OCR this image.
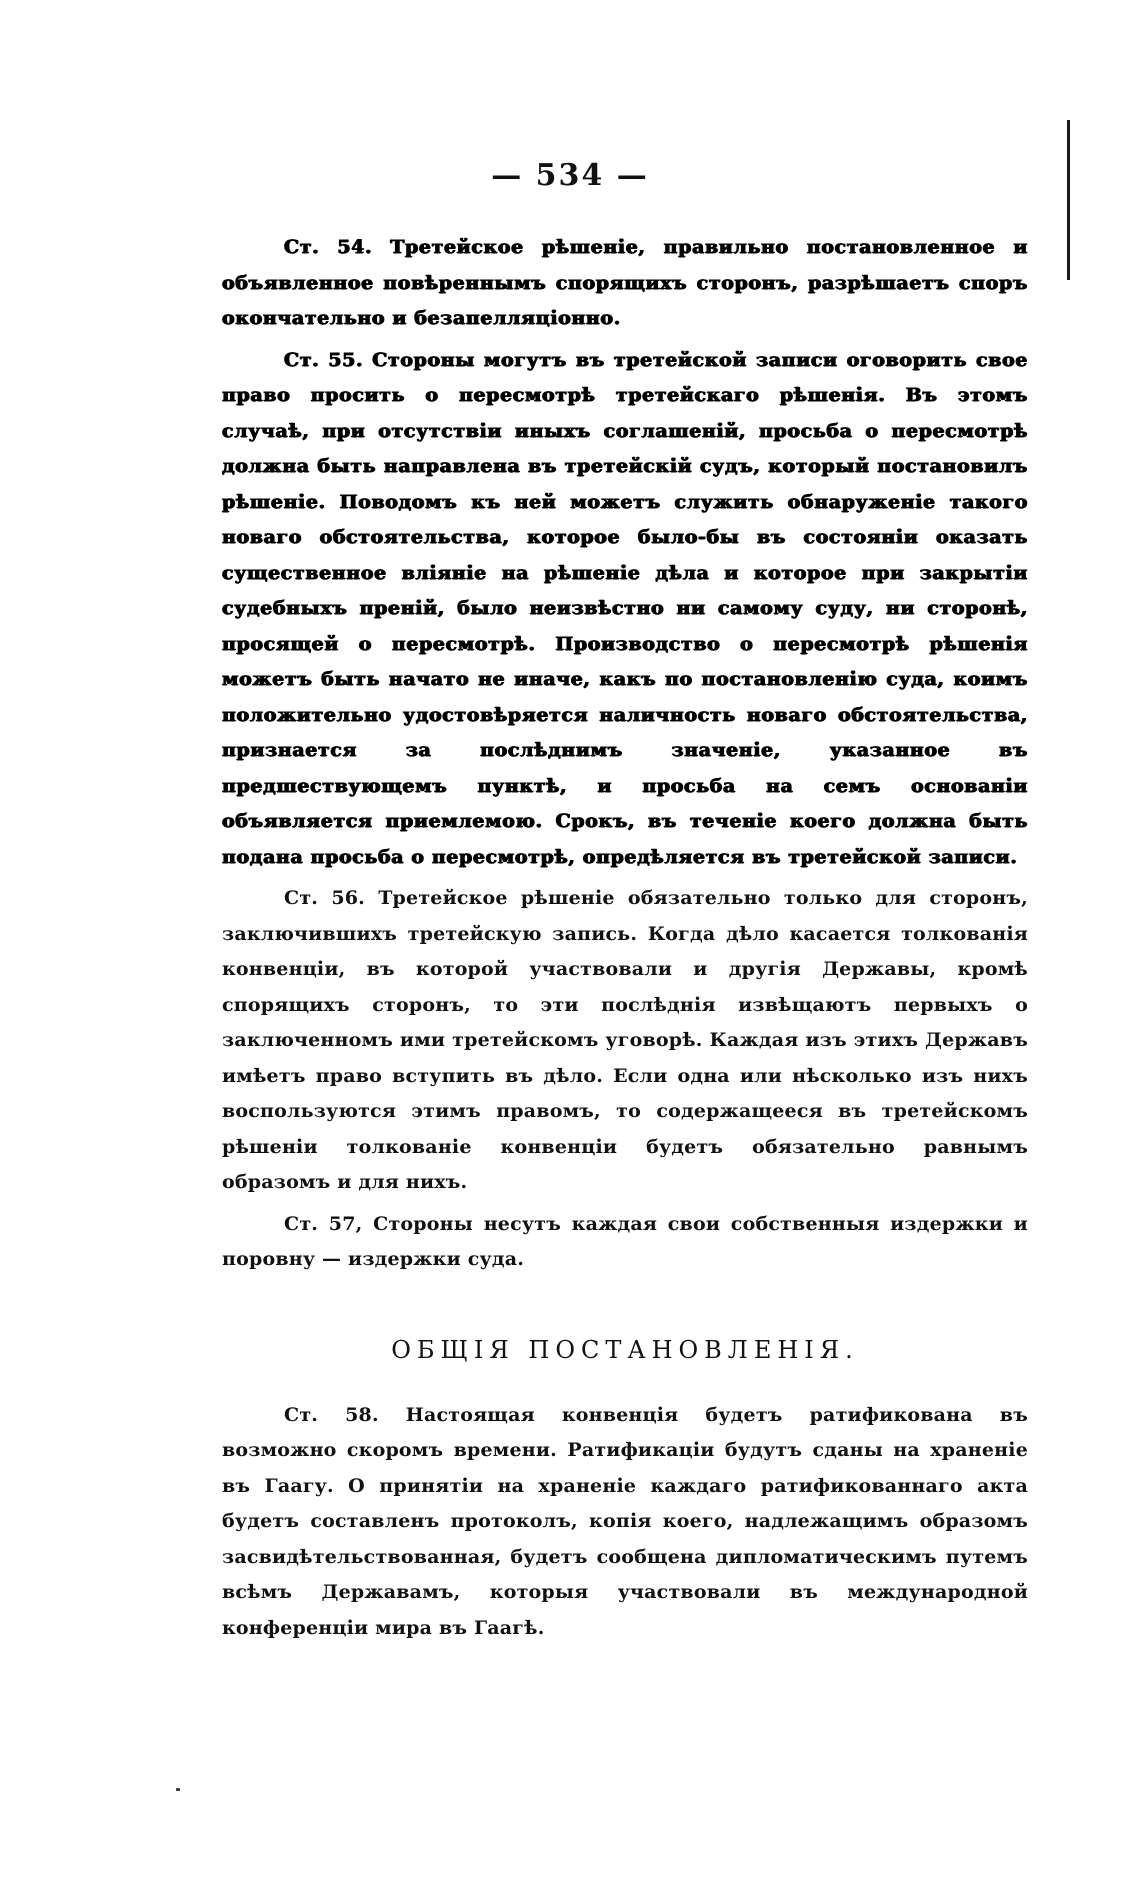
— 534 —

Ст. 54. Третейское рѣшеніе, правильно постановленное и объявленное повѣреннымъ спорящихъ сторонъ, разрѣшаетъ споръ окончательно и безапелляціонно.

Ст. 55. Стороны могутъ въ третейской записи оговорить свое право просить о пересмотрѣ третейскаго рѣшенія. Въ этомъ случаѣ, при отсутствіи иныхъ соглашеній, просьба о пересмотрѣ должна быть направлена въ третейскій судъ, который постановилъ рѣшеніе. Поводомъ къ ней можетъ служить обнаруженіе такого новаго обстоятельства, которое было-бы въ состояніи оказать существенное вліяніе на рѣшеніе дѣла и которое при закрытіи судебныхъ преній, было неизвѣстно ни самому суду, ни сторонѣ, просящей о пересмотрѣ. Производство о пересмотрѣ рѣшенія можетъ быть начато не иначе, какъ по постановленію суда, коимъ положительно удостовѣряется наличность новаго обстоятельства, признается за послѣднимъ значеніе, указанное въ предшествующемъ пунктѣ, и просьба на семъ основаніи объявляется приемлемою. Срокъ, въ теченіе коего должна быть подана просьба о пересмотрѣ, опредѣляется въ третейской записи.

Ст. 56. Третейское рѣшеніе обязательно только для сторонъ, заключившихъ третейскую запись. Когда дѣло касается толкованія конвенціи, въ которой участвовали и другія Державы, кромѣ спорящихъ сторонъ, то эти послѣднія извѣщаютъ первыхъ о заключенномъ ими третейскомъ уговорѣ. Каждая изъ этихъ Державъ имѣетъ право вступить въ дѣло. Если одна или нѣсколько изъ нихъ воспользуются этимъ правомъ, то содержащееся въ третейскомъ рѣшеніи толкованіе конвенціи будетъ обязательно равнымъ образомъ и для нихъ.

Ст. 57, Стороны несутъ каждая свои собственныя издержки и поровну — издержки суда.

ОБЩІЯ ПОСТАНОВЛЕНІЯ.

Ст. 58. Настоящая конвенція будетъ ратификована въ возможно скоромъ времени. Ратификаціи будутъ сданы на храненіе въ Гаагу. О принятіи на храненіе каждаго ратификованнаго акта будетъ составленъ протоколъ, копія коего, надлежащимъ образомъ засвидѣтельствованная, будетъ сообщена дипломатическимъ путемъ всѣмъ Державамъ, которыя участвовали въ международной конференціи мира въ Гаагѣ.
